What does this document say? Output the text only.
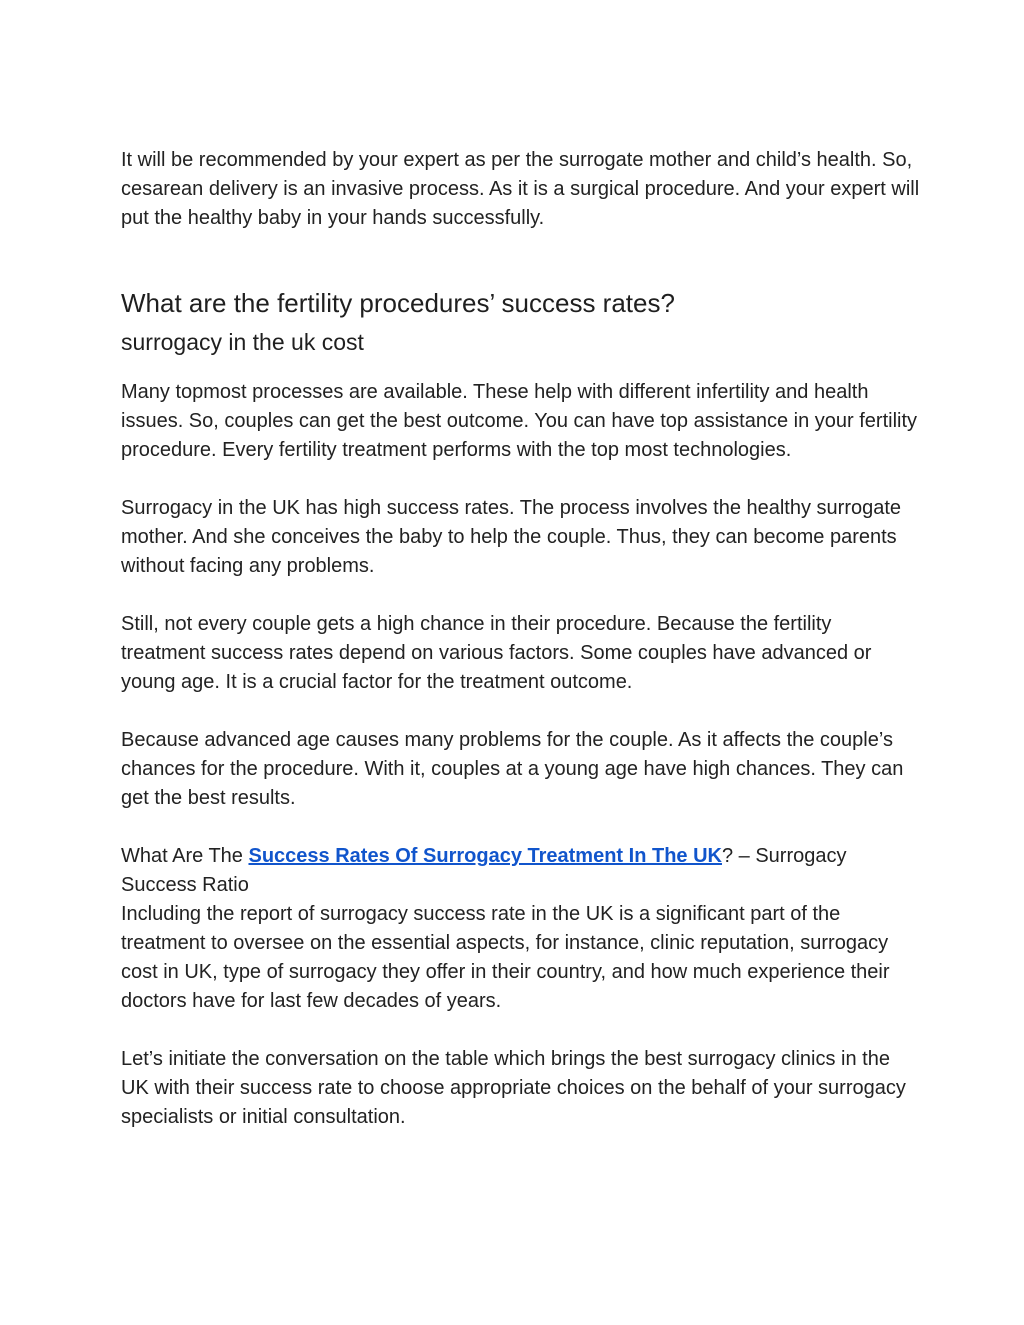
It will be recommended by your expert as per the surrogate mother and child’s health. So, cesarean delivery is an invasive process. As it is a surgical procedure. And your expert will put the healthy baby in your hands successfully.

What are the fertility procedures’ success rates?
surrogacy in the uk cost

Many topmost processes are available. These help with different infertility and health issues. So, couples can get the best outcome. You can have top assistance in your fertility procedure. Every fertility treatment performs with the top most technologies.

Surrogacy in the UK has high success rates. The process involves the healthy surrogate mother. And she conceives the baby to help the couple. Thus, they can become parents without facing any problems.

Still, not every couple gets a high chance in their procedure. Because the fertility treatment success rates depend on various factors. Some couples have advanced or young age. It is a crucial factor for the treatment outcome.

Because advanced age causes many problems for the couple. As it affects the couple’s chances for the procedure. With it, couples at a young age have high chances. They can get the best results.

What Are The Success Rates Of Surrogacy Treatment In The UK? – Surrogacy Success Ratio

Including the report of surrogacy success rate in the UK is a significant part of the treatment to oversee on the essential aspects, for instance, clinic reputation, surrogacy cost in UK, type of surrogacy they offer in their country, and how much experience their doctors have for last few decades of years.

Let’s initiate the conversation on the table which brings the best surrogacy clinics in the UK with their success rate to choose appropriate choices on the behalf of your surrogacy specialists or initial consultation.
